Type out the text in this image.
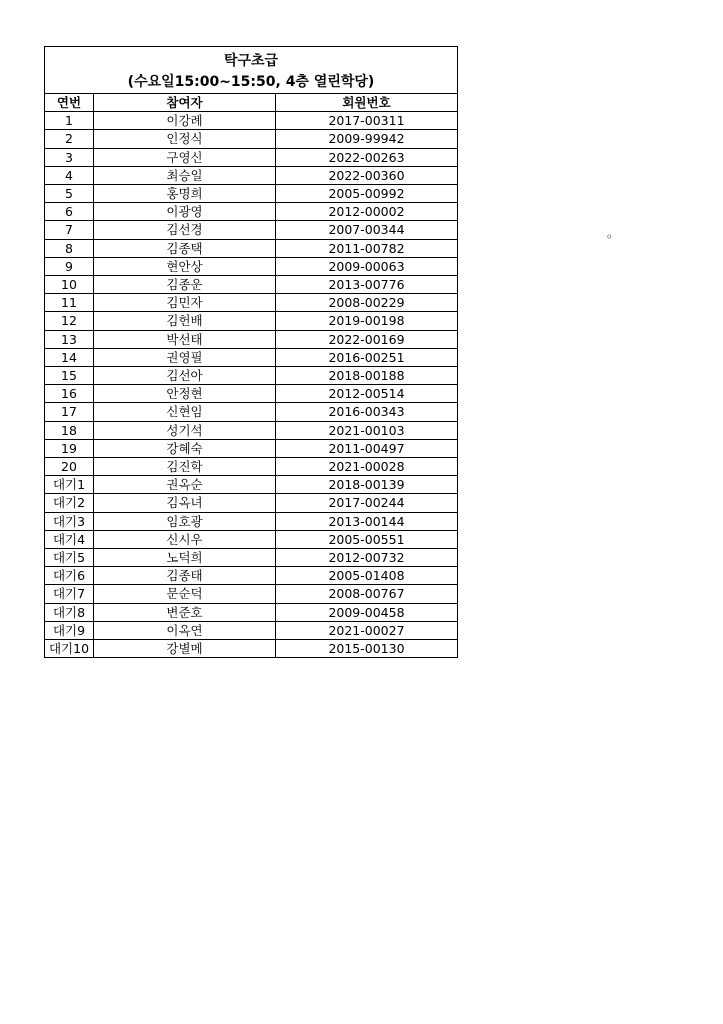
탁구초급
(수요일15:00~15:50, 4층 열린학당)		

연번	참여자	회원번호
1	이강례	2017-00311
2	인정식	2009-99942
3	구영신	2022-00263
4	최승일	2022-00360
5	홍명희	2005-00992
6	이광영	2012-00002
7	김선경	2007-00344
8	김종택	2011-00782
9	현안상	2009-00063
10	김종운	2013-00776
11	김민자	2008-00229
12	김헌배	2019-00198
13	박선태	2022-00169
14	권영필	2016-00251
15	김선아	2018-00188
16	안정현	2012-00514
17	신현임	2016-00343
18	성기석	2021-00103
19	강혜숙	2011-00497
20	김진학	2021-00028
대기1	권옥순	2018-00139
대기2	김옥녀	2017-00244
대기3	임호광	2013-00144
대기4	신시우	2005-00551
대기5	노덕희	2012-00732
대기6	김종태	2005-01408
대기7	문순덕	2008-00767
대기8	변준호	2009-00458
대기9	이옥연	2021-00027
대기10	강별메	2015-00130
。
